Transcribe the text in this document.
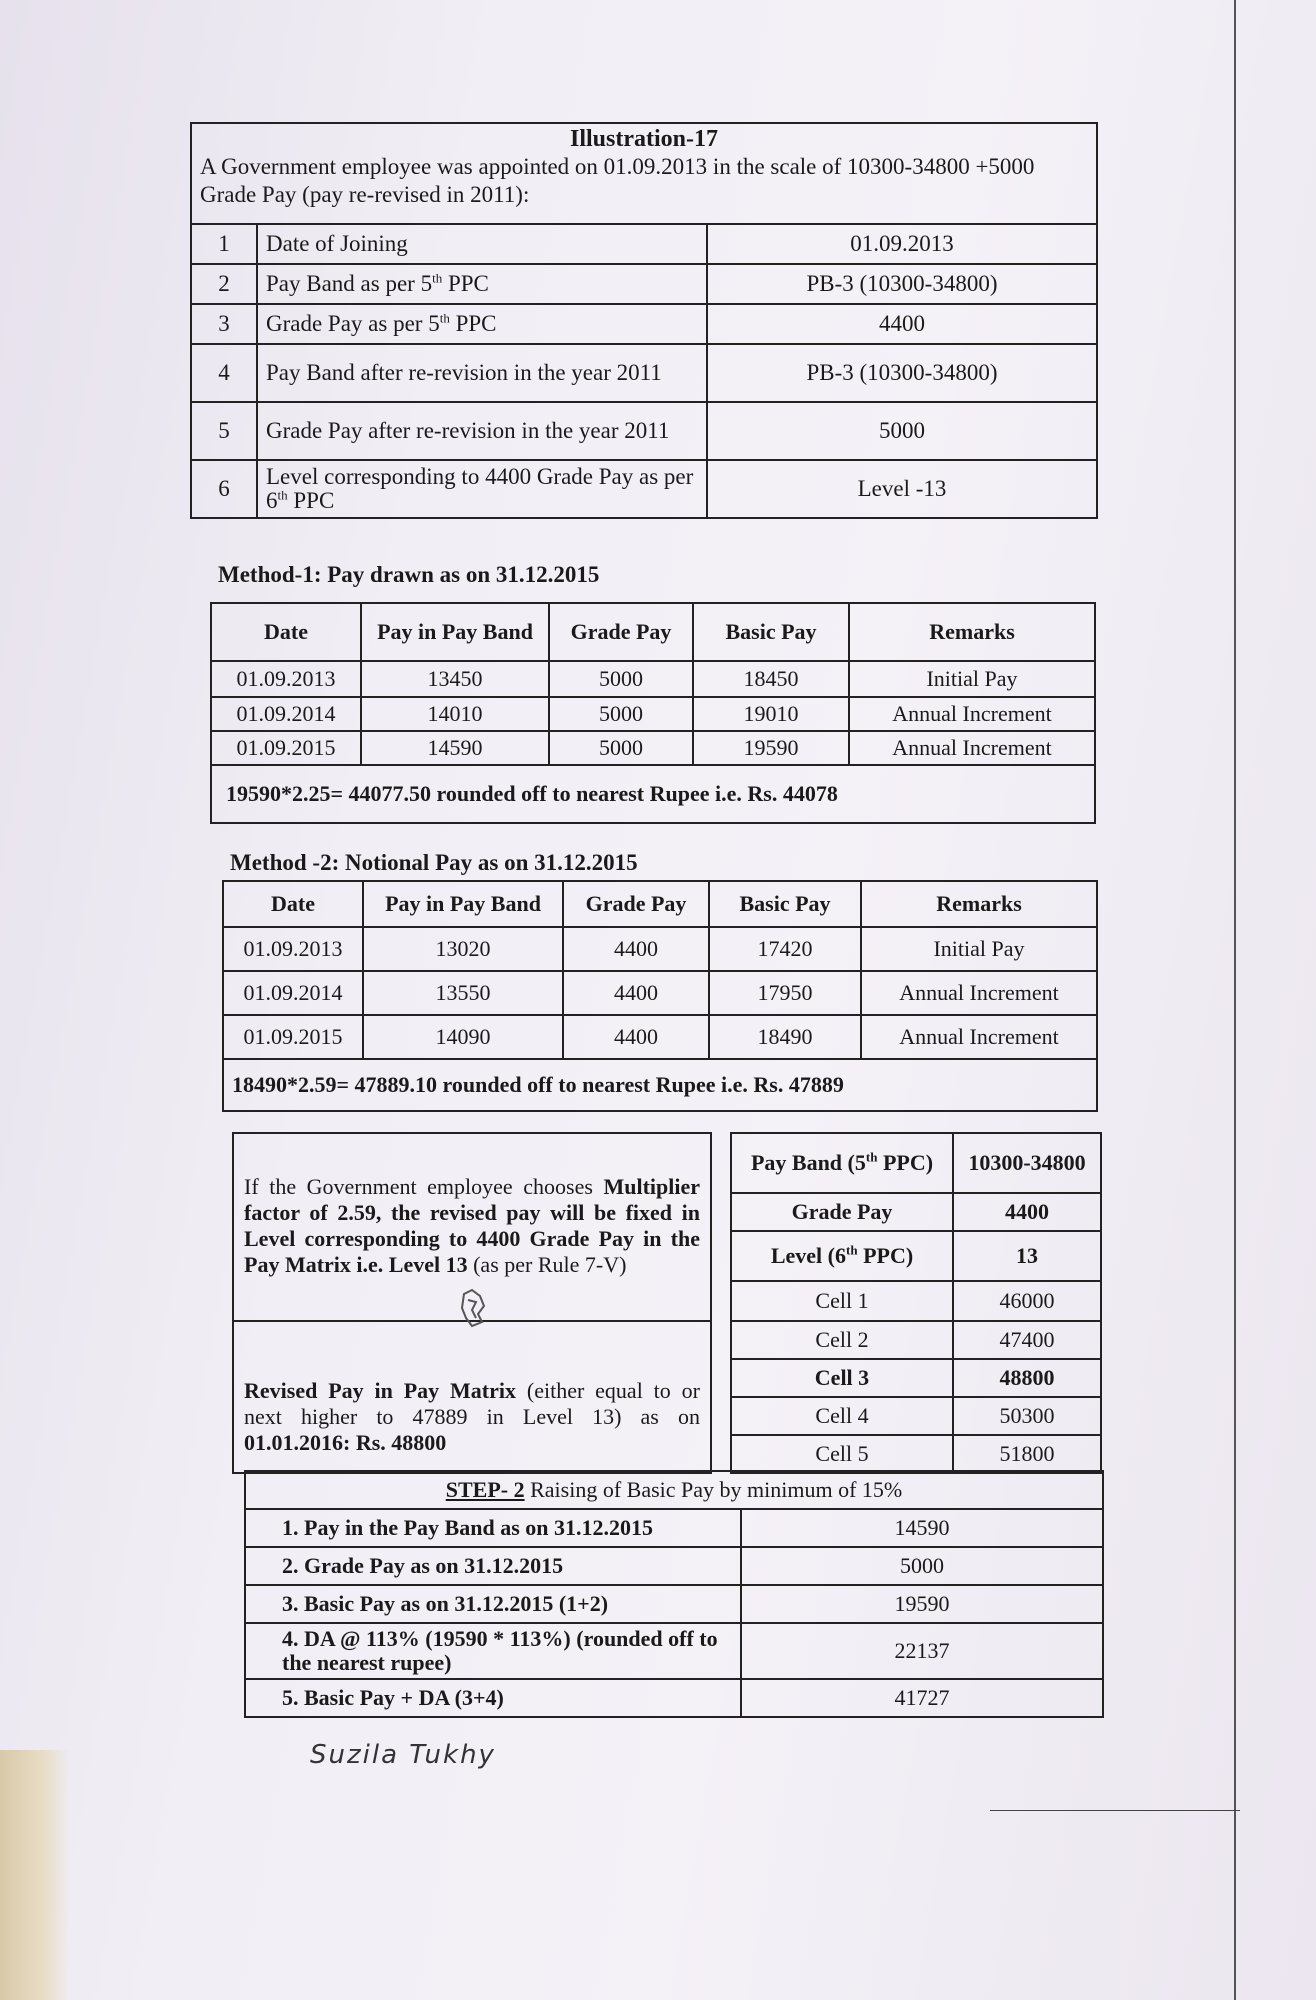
Illustration-17		
A Government employee was appointed on 01.09.2013 in the scale of 10300-34800 +5000 Grade Pay (pay re-revised in 2011):		
1	Date of Joining	01.09.2013
2	Pay Band as per 5th PPC	PB-3 (10300-34800)
3	Grade Pay as per 5th PPC	4400
4	Pay Band after re-revision in the year 2011	PB-3 (10300-34800)
5	Grade Pay after re-revision in the year 2011	5000
6	Level corresponding to 4400 Grade Pay as per 6th PPC	Level -13
Method-1: Pay drawn as on 31.12.2015
Date	Pay in Pay Band	Grade Pay	Basic Pay	Remarks
01.09.2013	13450	5000	18450	Initial Pay
01.09.2014	14010	5000	19010	Annual Increment
01.09.2015	14590	5000	19590	Annual Increment
19590*2.25= 44077.50 rounded off to nearest Rupee i.e. Rs. 44078				
Method -2: Notional Pay as on 31.12.2015
Date	Pay in Pay Band	Grade Pay	Basic Pay	Remarks
01.09.2013	13020	4400	17420	Initial Pay
01.09.2014	13550	4400	17950	Annual Increment
01.09.2015	14090	4400	18490	Annual Increment
18490*2.59= 47889.10 rounded off to nearest Rupee i.e. Rs. 47889				
If the Government employee chooses Multiplier factor of 2.59, the revised pay will be fixed in Level corresponding to 4400 Grade Pay in the Pay Matrix i.e. Level 13 (as per Rule 7-V)		Pay Band (5th PPC)	10300-34800
		Grade Pay	4400
		Level (6th PPC)	13
		Cell 1	46000
Revised Pay in Pay Matrix (either equal to or next higher to 47889 in Level 13) as on 01.01.2016: Rs. 48800		Cell 2	47400
		Cell 3	48800
		Cell 4	50300
		Cell 5	51800
STEP- 2 Raising of Basic Pay by minimum of 15%	
1. Pay in the Pay Band as on 31.12.2015	14590
2. Grade Pay as on 31.12.2015	5000
3. Basic Pay as on 31.12.2015 (1+2)	19590
4. DA @ 113% (19590 * 113%) (rounded off to the nearest rupee)	22137
5. Basic Pay + DA (3+4)	41727
Suzila Tukhy
